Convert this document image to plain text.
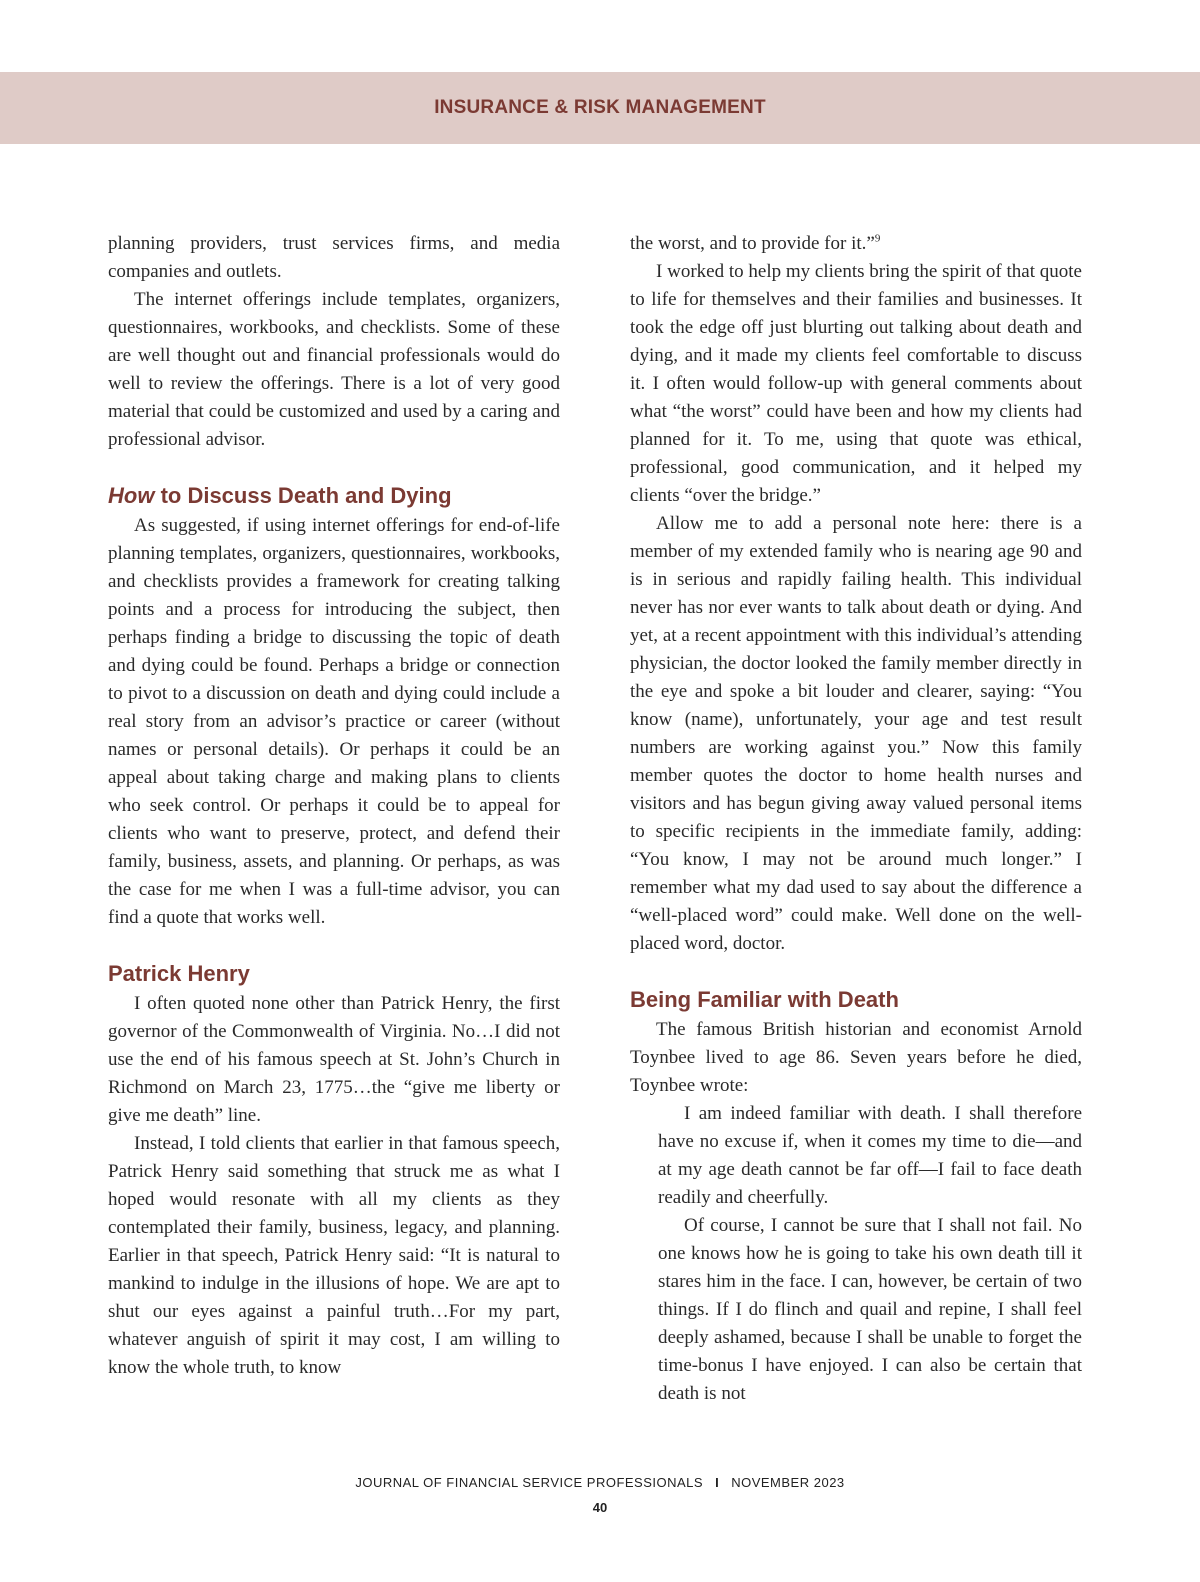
INSURANCE & RISK MANAGEMENT

planning providers, trust services firms, and media companies and outlets.

The internet offerings include templates, organizers, questionnaires, workbooks, and checklists. Some of these are well thought out and financial professionals would do well to review the offerings. There is a lot of very good material that could be customized and used by a caring and professional advisor.

How to Discuss Death and Dying

As suggested, if using internet offerings for end-of-life planning templates, organizers, questionnaires, workbooks, and checklists provides a framework for creating talking points and a process for introducing the subject, then perhaps finding a bridge to discussing the topic of death and dying could be found. Perhaps a bridge or connection to pivot to a discussion on death and dying could include a real story from an advisor’s practice or career (without names or personal details). Or perhaps it could be an appeal about taking charge and making plans to clients who seek control. Or perhaps it could be to appeal for clients who want to preserve, protect, and defend their family, business, assets, and planning. Or perhaps, as was the case for me when I was a full-time advisor, you can find a quote that works well.

Patrick Henry

I often quoted none other than Patrick Henry, the first governor of the Commonwealth of Virginia. No…I did not use the end of his famous speech at St. John’s Church in Richmond on March 23, 1775…the “give me liberty or give me death” line.

Instead, I told clients that earlier in that famous speech, Patrick Henry said something that struck me as what I hoped would resonate with all my clients as they contemplated their family, business, legacy, and planning. Earlier in that speech, Patrick Henry said: “It is natural to mankind to indulge in the illusions of hope. We are apt to shut our eyes against a painful truth…For my part, whatever anguish of spirit it may cost, I am willing to know the whole truth, to know

the worst, and to provide for it.”$^9$

I worked to help my clients bring the spirit of that quote to life for themselves and their families and businesses. It took the edge off just blurting out talking about death and dying, and it made my clients feel comfortable to discuss it. I often would follow-up with general comments about what “the worst” could have been and how my clients had planned for it. To me, using that quote was ethical, professional, good communication, and it helped my clients “over the bridge.”

Allow me to add a personal note here: there is a member of my extended family who is nearing age 90 and is in serious and rapidly failing health. This individual never has nor ever wants to talk about death or dying. And yet, at a recent appointment with this individual’s attending physician, the doctor looked the family member directly in the eye and spoke a bit louder and clearer, saying: “You know (name), unfortunately, your age and test result numbers are working against you.” Now this family member quotes the doctor to home health nurses and visitors and has begun giving away valued personal items to specific recipients in the immediate family, adding: “You know, I may not be around much longer.” I remember what my dad used to say about the difference a “well-placed word” could make. Well done on the well-placed word, doctor.

Being Familiar with Death

The famous British historian and economist Arnold Toynbee lived to age 86. Seven years before he died, Toynbee wrote:

I am indeed familiar with death. I shall therefore have no excuse if, when it comes my time to die—and at my age death cannot be far off—I fail to face death readily and cheerfully.

Of course, I cannot be sure that I shall not fail. No one knows how he is going to take his own death till it stares him in the face. I can, however, be certain of two things. If I do flinch and quail and repine, I shall feel deeply ashamed, because I shall be unable to forget the time-bonus I have enjoyed. I can also be certain that death is not

JOURNAL OF FINANCIAL SERVICE PROFESSIONALS I NOVEMBER 2023
40
